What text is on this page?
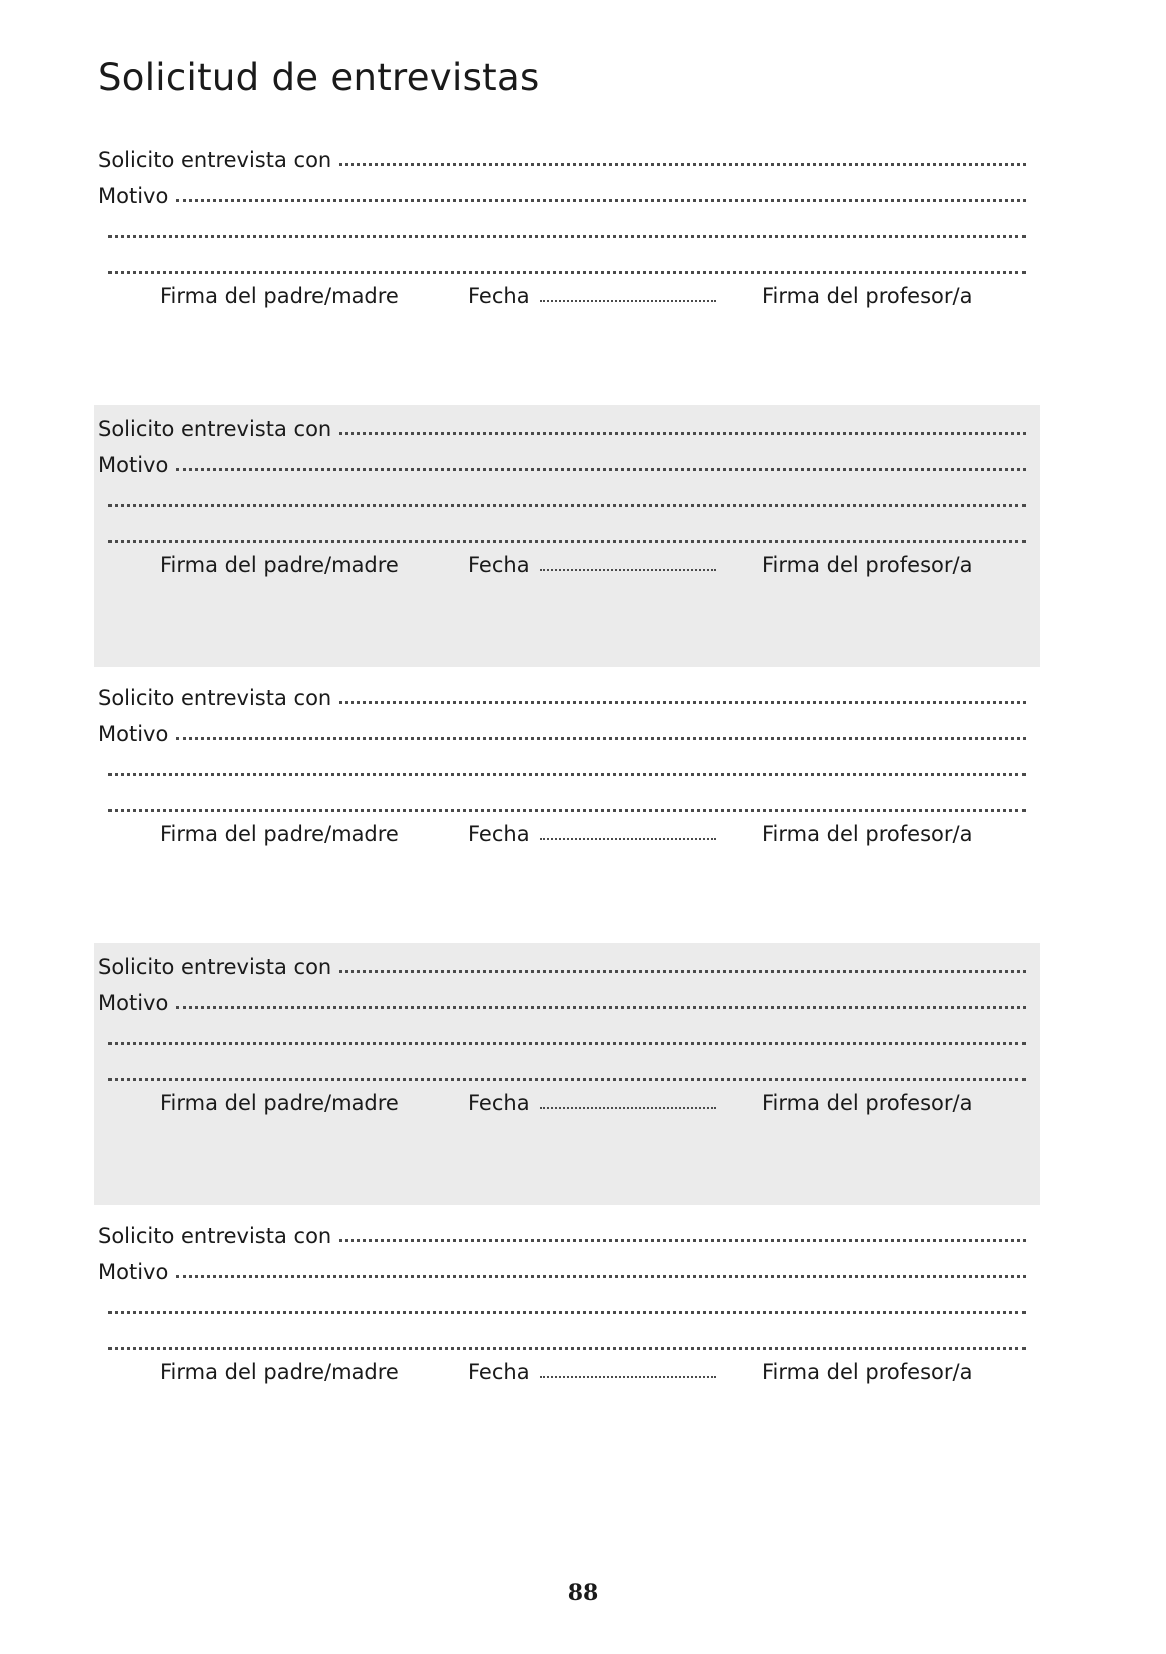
Solicitud de entrevistas
Solicito entrevista con
Motivo
Firma del padre/madre	Fecha	Firma del profesor/a
Solicito entrevista con
Motivo
Firma del padre/madre	Fecha	Firma del profesor/a
Solicito entrevista con
Motivo
Firma del padre/madre	Fecha	Firma del profesor/a
Solicito entrevista con
Motivo
Firma del padre/madre	Fecha	Firma del profesor/a
Solicito entrevista con
Motivo
Firma del padre/madre	Fecha	Firma del profesor/a
88
